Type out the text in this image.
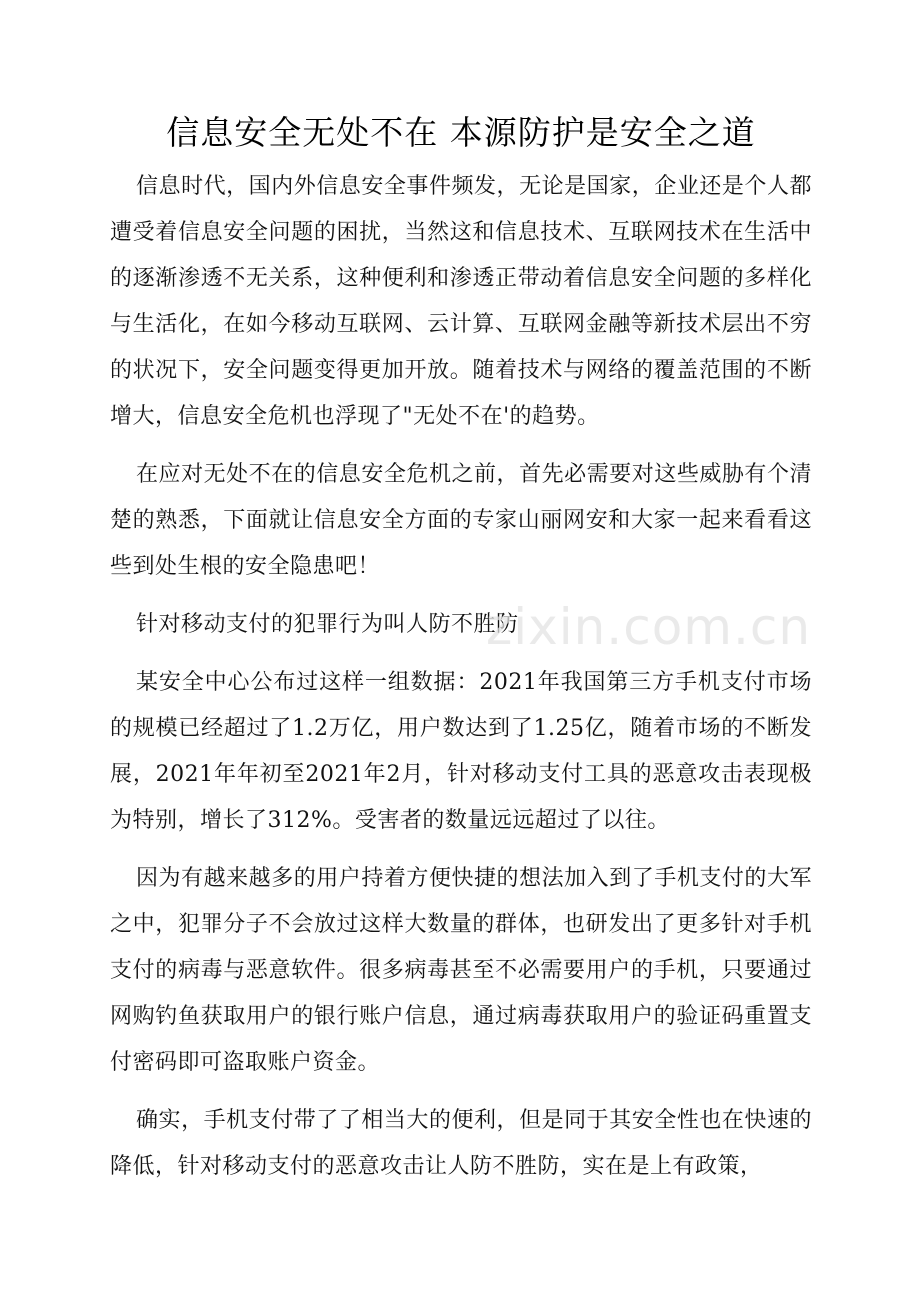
信息安全无处不在 本源防护是安全之道

信息时代，国内外信息安全事件频发，无论是国家，企业还是个人都遭受着信息安全问题的困扰，当然这和信息技术、互联网技术在生活中的逐渐渗透不无关系，这种便利和渗透正带动着信息安全问题的多样化与生活化，在如今移动互联网、云计算、互联网金融等新技术层出不穷的状况下，安全问题变得更加开放。随着技术与网络的覆盖范围的不断增大，信息安全危机也浮现了"无处不在'的趋势。

在应对无处不在的信息安全危机之前，首先必需要对这些威胁有个清楚的熟悉，下面就让信息安全方面的专家山丽网安和大家一起来看看这些到处生根的安全隐患吧！

针对移动支付的犯罪行为叫人防不胜防

某安全中心公布过这样一组数据：2021年我国第三方手机支付市场的规模已经超过了1.2万亿，用户数达到了1.25亿，随着市场的不断发展，2021年年初至2021年2月，针对移动支付工具的恶意攻击表现极为特别，增长了312%。受害者的数量远远超过了以往。

因为有越来越多的用户持着方便快捷的想法加入到了手机支付的大军之中，犯罪分子不会放过这样大数量的群体，也研发出了更多针对手机支付的病毒与恶意软件。很多病毒甚至不必需要用户的手机，只要通过网购钓鱼获取用户的银行账户信息，通过病毒获取用户的验证码重置支付密码即可盗取账户资金。

确实，手机支付带了了相当大的便利，但是同于其安全性也在快速的降低，针对移动支付的恶意攻击让人防不胜防，实在是上有政策，

zixin.com.cn
